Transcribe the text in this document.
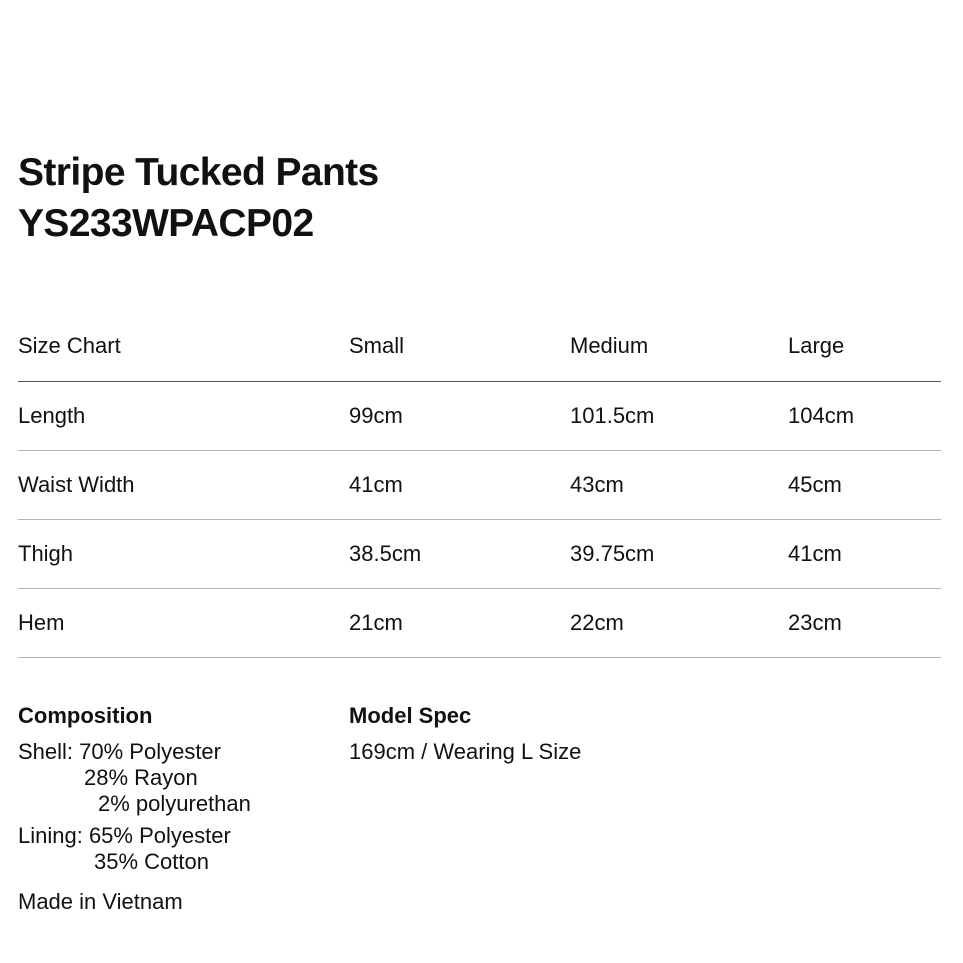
Stripe Tucked Pants
YS233WPACP02
Size Chart	Small	Medium	Large
Length	99cm	101.5cm	104cm
Waist Width	41cm	43cm	45cm
Thigh	38.5cm	39.75cm	41cm
Hem	21cm	22cm	23cm
Composition
Shell: 70% Polyester
28% Rayon
2% polyurethan
Lining: 65% Polyester
35% Cotton
Made in Vietnam
Model Spec
169cm / Wearing L Size
